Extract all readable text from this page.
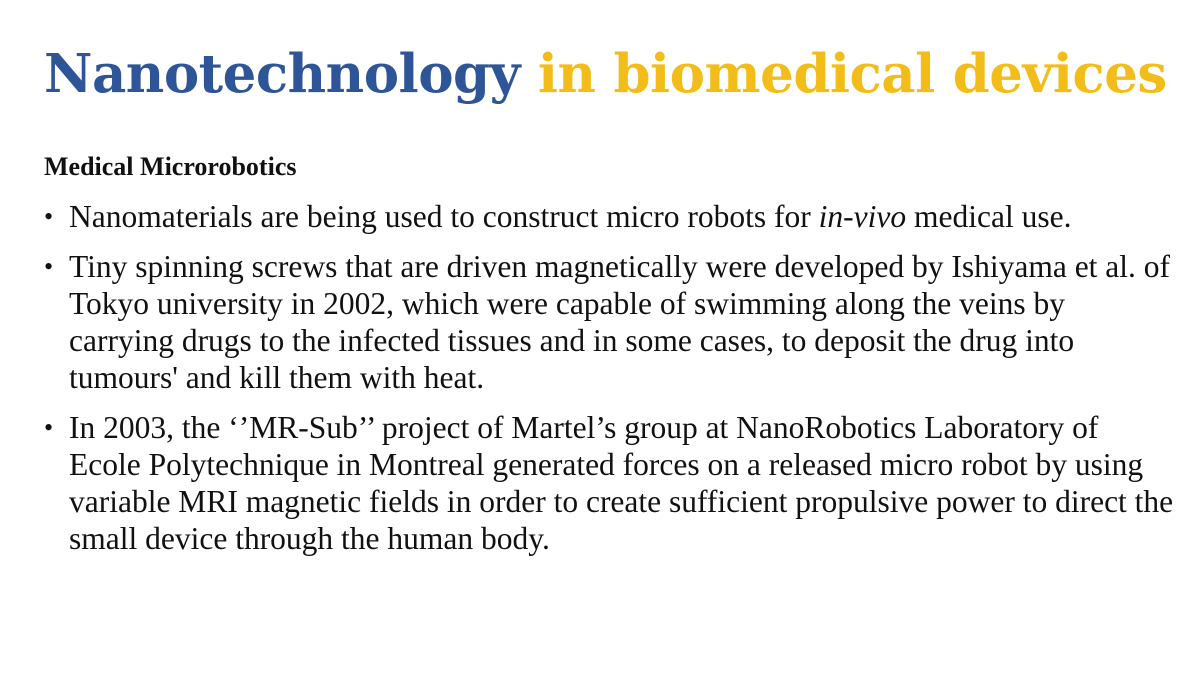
Nanotechnology in biomedical devices
Medical Microrobotics
• Nanomaterials are being used to construct micro robots for in-vivo medical use.
• Tiny spinning screws that are driven magnetically were developed by Ishiyama et al. of Tokyo university in 2002, which were capable of swimming along the veins by carrying drugs to the infected tissues and in some cases, to deposit the drug into tumours' and kill them with heat.
• In 2003, the ‘’MR-Sub’’ project of Martel’s group at NanoRobotics Laboratory of Ecole Polytechnique in Montreal generated forces on a released micro robot by using variable MRI magnetic fields in order to create sufficient propulsive power to direct the small device through the human body.
